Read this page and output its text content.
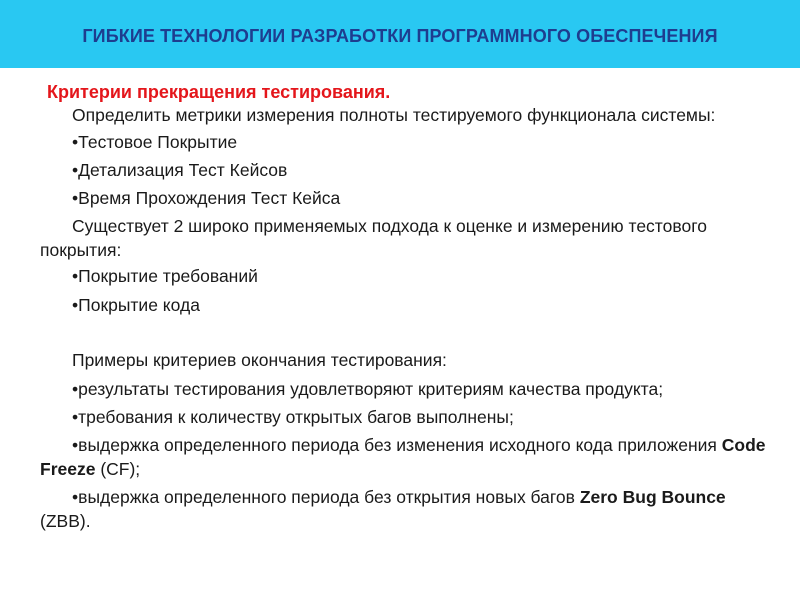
ГИБКИЕ ТЕХНОЛОГИИ РАЗРАБОТКИ ПРОГРАММНОГО ОБЕСПЕЧЕНИЯ
Критерии прекращения тестирования.
Определить метрики измерения полноты тестируемого функционала системы:
•Тестовое Покрытие
•Детализация Тест Кейсов
•Время Прохождения Тест Кейса
Существует 2 широко применяемых подхода к оценке и измерению тестового покрытия:
•Покрытие требований
•Покрытие кода
Примеры критериев окончания тестирования:
•результаты тестирования удовлетворяют критериям качества продукта;
•требования к количеству открытых багов выполнены;
•выдержка определенного периода без изменения исходного кода приложения Code Freeze (CF);
•выдержка определенного периода без открытия новых багов Zero Bug Bounce (ZBB).
